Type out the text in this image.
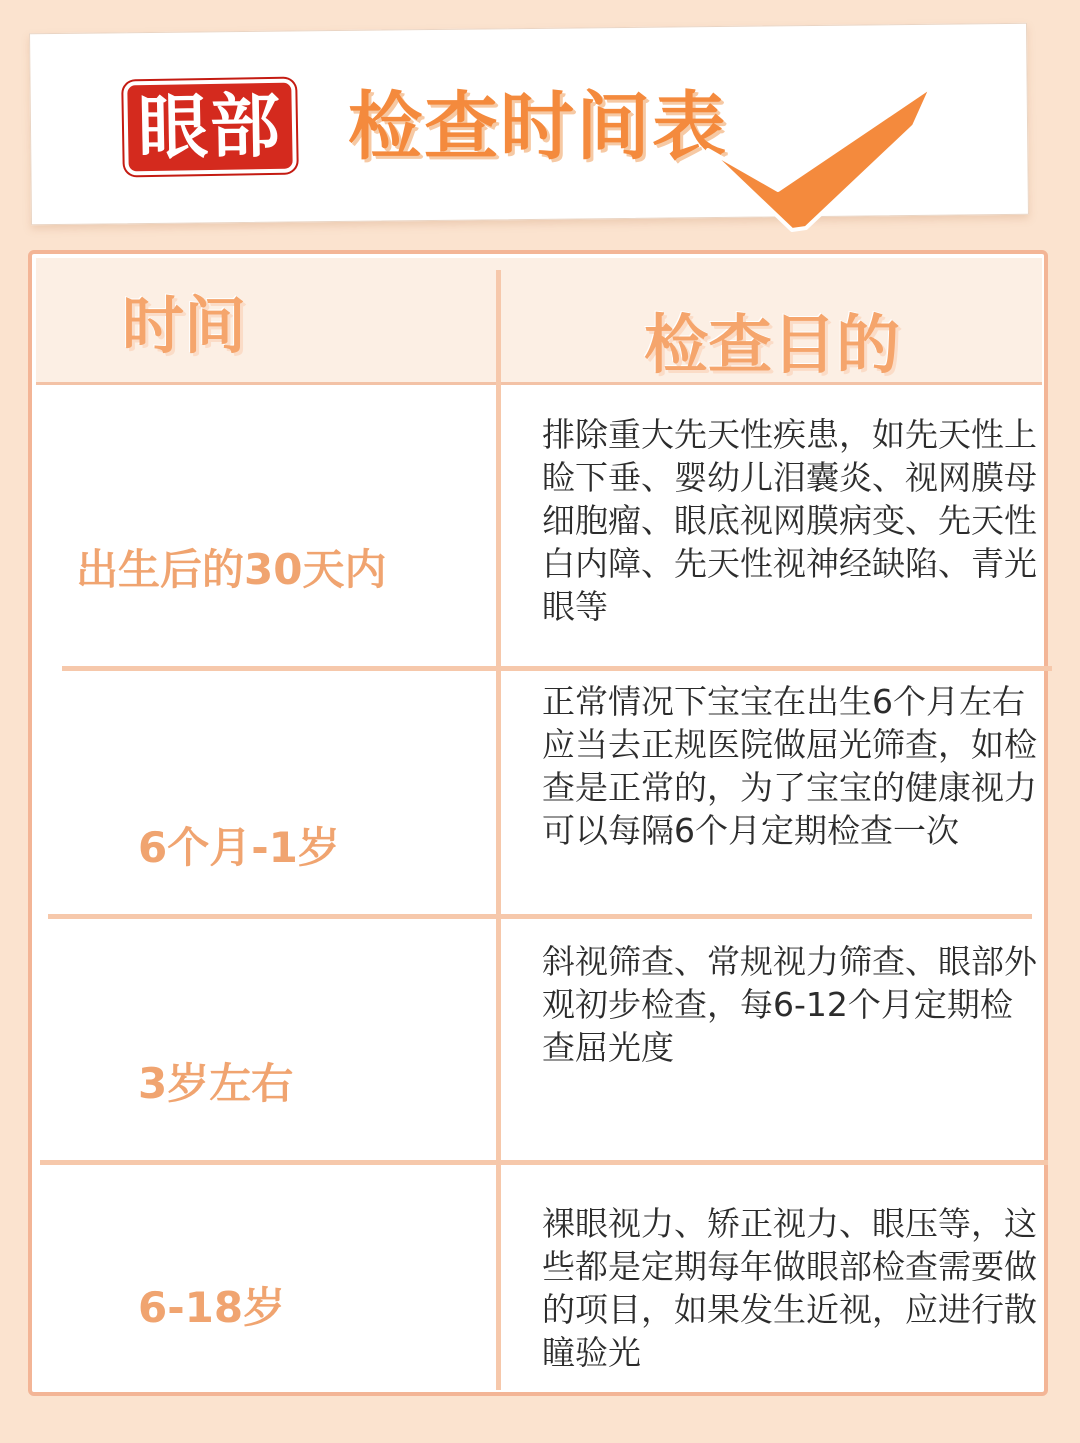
眼部 检查时间表
时间	检查目的
出生后的30天内
排除重大先天性疾患，如先天性上睑下垂、婴幼儿泪囊炎、视网膜母细胞瘤、眼底视网膜病变、先天性白内障、先天性视神经缺陷、青光眼等
6个月-1岁
正常情况下宝宝在出生6个月左右应当去正规医院做屈光筛查，如检查是正常的，为了宝宝的健康视力可以每隔6个月定期检查一次
3岁左右
斜视筛查、常规视力筛查、眼部外观初步检查，每6-12个月定期检查屈光度
6-18岁
裸眼视力、矫正视力、眼压等，这些都是定期每年做眼部检查需要做的项目，如果发生近视，应进行散瞳验光
